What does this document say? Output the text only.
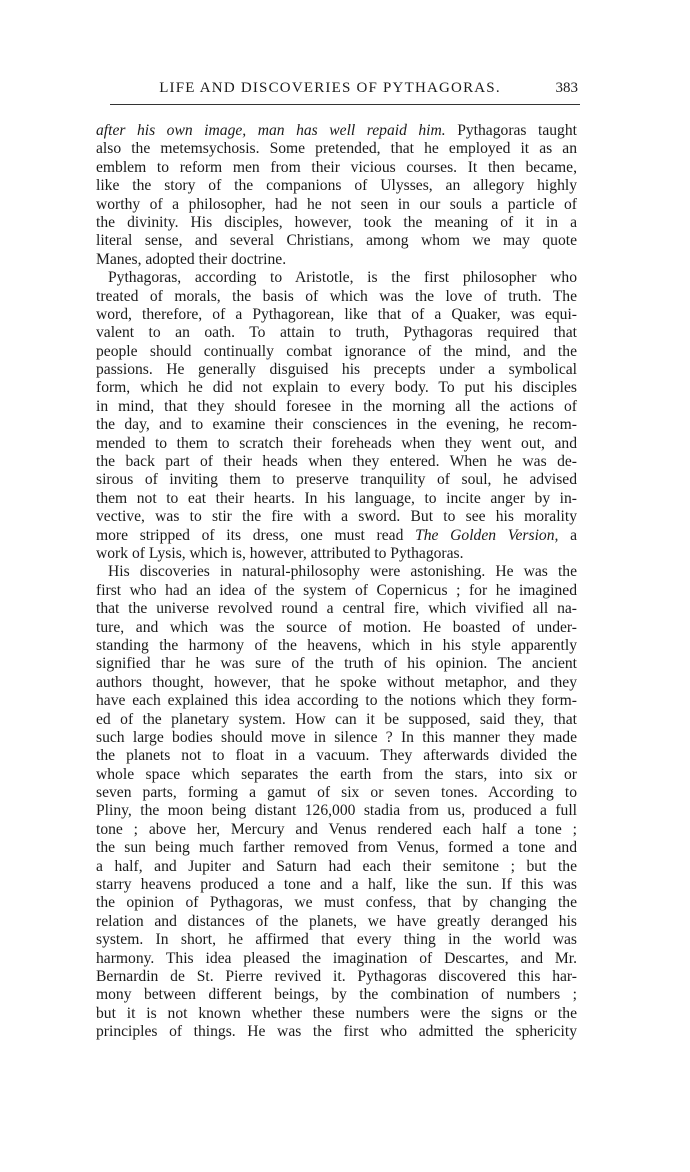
LIFE AND DISCOVERIES OF PYTHAGORAS.	383
after his own image, man has well repaid him. Pythagoras taught
also the metemsychosis. Some pretended, that he employed it as an
emblem to reform men from their vicious courses. It then became,
like the story of the companions of Ulysses, an allegory highly
worthy of a philosopher, had he not seen in our souls a particle of
the divinity. His disciples, however, took the meaning of it in a
literal sense, and several Christians, among whom we may quote
Manes, adopted their doctrine.
Pythagoras, according to Aristotle, is the first philosopher who
treated of morals, the basis of which was the love of truth. The
word, therefore, of a Pythagorean, like that of a Quaker, was equi-
valent to an oath. To attain to truth, Pythagoras required that
people should continually combat ignorance of the mind, and the
passions. He generally disguised his precepts under a symbolical
form, which he did not explain to every body. To put his disciples
in mind, that they should foresee in the morning all the actions of
the day, and to examine their consciences in the evening, he recom-
mended to them to scratch their foreheads when they went out, and
the back part of their heads when they entered. When he was de-
sirous of inviting them to preserve tranquility of soul, he advised
them not to eat their hearts. In his language, to incite anger by in-
vective, was to stir the fire with a sword. But to see his morality
more stripped of its dress, one must read The Golden Version, a
work of Lysis, which is, however, attributed to Pythagoras.
His discoveries in natural-philosophy were astonishing. He was the
first who had an idea of the system of Copernicus ; for he imagined
that the universe revolved round a central fire, which vivified all na-
ture, and which was the source of motion. He boasted of under-
standing the harmony of the heavens, which in his style apparently
signified thar he was sure of the truth of his opinion. The ancient
authors thought, however, that he spoke without metaphor, and they
have each explained this idea according to the notions which they form-
ed of the planetary system. How can it be supposed, said they, that
such large bodies should move in silence ? In this manner they made
the planets not to float in a vacuum. They afterwards divided the
whole space which separates the earth from the stars, into six or
seven parts, forming a gamut of six or seven tones. According to
Pliny, the moon being distant 126,000 stadia from us, produced a full
tone ; above her, Mercury and Venus rendered each half a tone ;
the sun being much farther removed from Venus, formed a tone and
a half, and Jupiter and Saturn had each their semitone ; but the
starry heavens produced a tone and a half, like the sun. If this was
the opinion of Pythagoras, we must confess, that by changing the
relation and distances of the planets, we have greatly deranged his
system. In short, he affirmed that every thing in the world was
harmony. This idea pleased the imagination of Descartes, and Mr.
Bernardin de St. Pierre revived it. Pythagoras discovered this har-
mony between different beings, by the combination of numbers ;
but it is not known whether these numbers were the signs or the
principles of things. He was the first who admitted the sphericity
